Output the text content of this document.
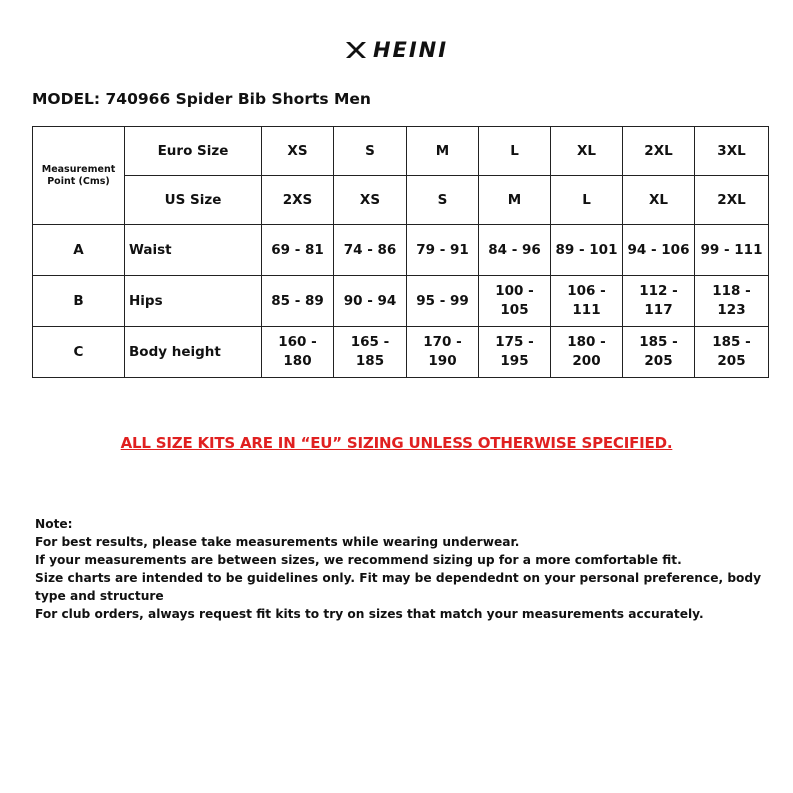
HEINI
MODEL: 740966 Spider Bib Shorts Men
Measurement Point (Cms)	Euro Size	XS	S	M	L	XL	2XL	3XL
	US Size	2XS	XS	S	M	L	XL	2XL
A	Waist	69 - 81	74 - 86	79 - 91	84 - 96	89 - 101	94 - 106	99 - 111
B	Hips	85 - 89	90 - 94	95 - 99	100 - 105	106 - 111	112 - 117	118 - 123
C	Body height	160 - 180	165 - 185	170 - 190	175 - 195	180 - 200	185 - 205	185 - 205
ALL SIZE KITS ARE IN “EU” SIZING UNLESS OTHERWISE SPECIFIED.
Note:
For best results, please take measurements while wearing underwear.
If your measurements are between sizes, we recommend sizing up for a more comfortable fit.
Size charts are intended to be guidelines only. Fit may be dependednt on your personal preference, body type and structure
For club orders, always request fit kits to try on sizes that match your measurements accurately.
